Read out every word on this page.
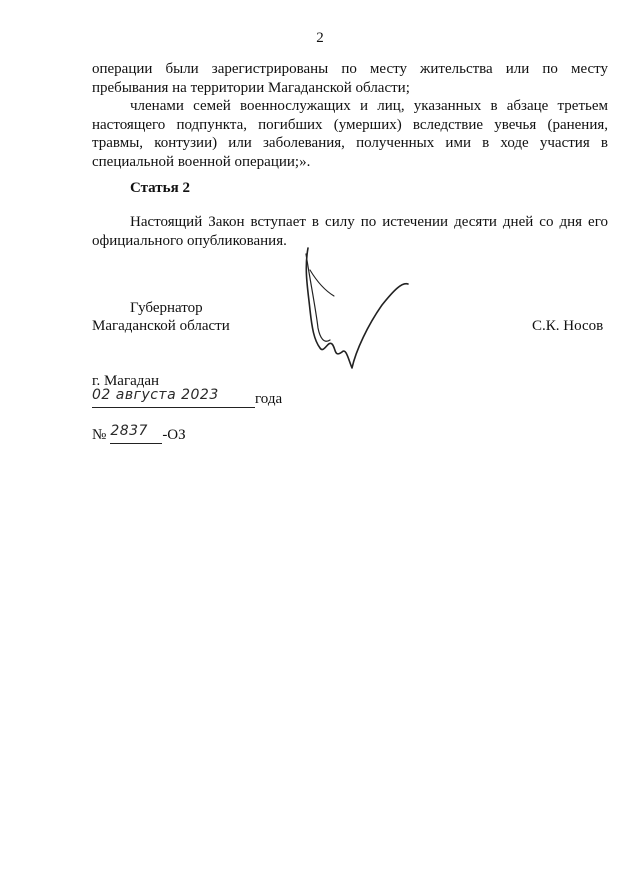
2

операции были зарегистрированы по месту жительства или по месту пребывания на территории Магаданской области;

членами семей военнослужащих и лиц, указанных в абзаце третьем настоящего подпункта, погибших (умерших) вследствие увечья (ранения, травмы, контузии) или заболевания, полученных ими в ходе участия в специальной военной операции;».

Статья 2

Настоящий Закон вступает в силу по истечении десяти дней со дня его официального опубликования.

Губернатор
Магаданской области	С.К. Носов
г. Магадан
02 августа 2023 года
№ 2837 -ОЗ
